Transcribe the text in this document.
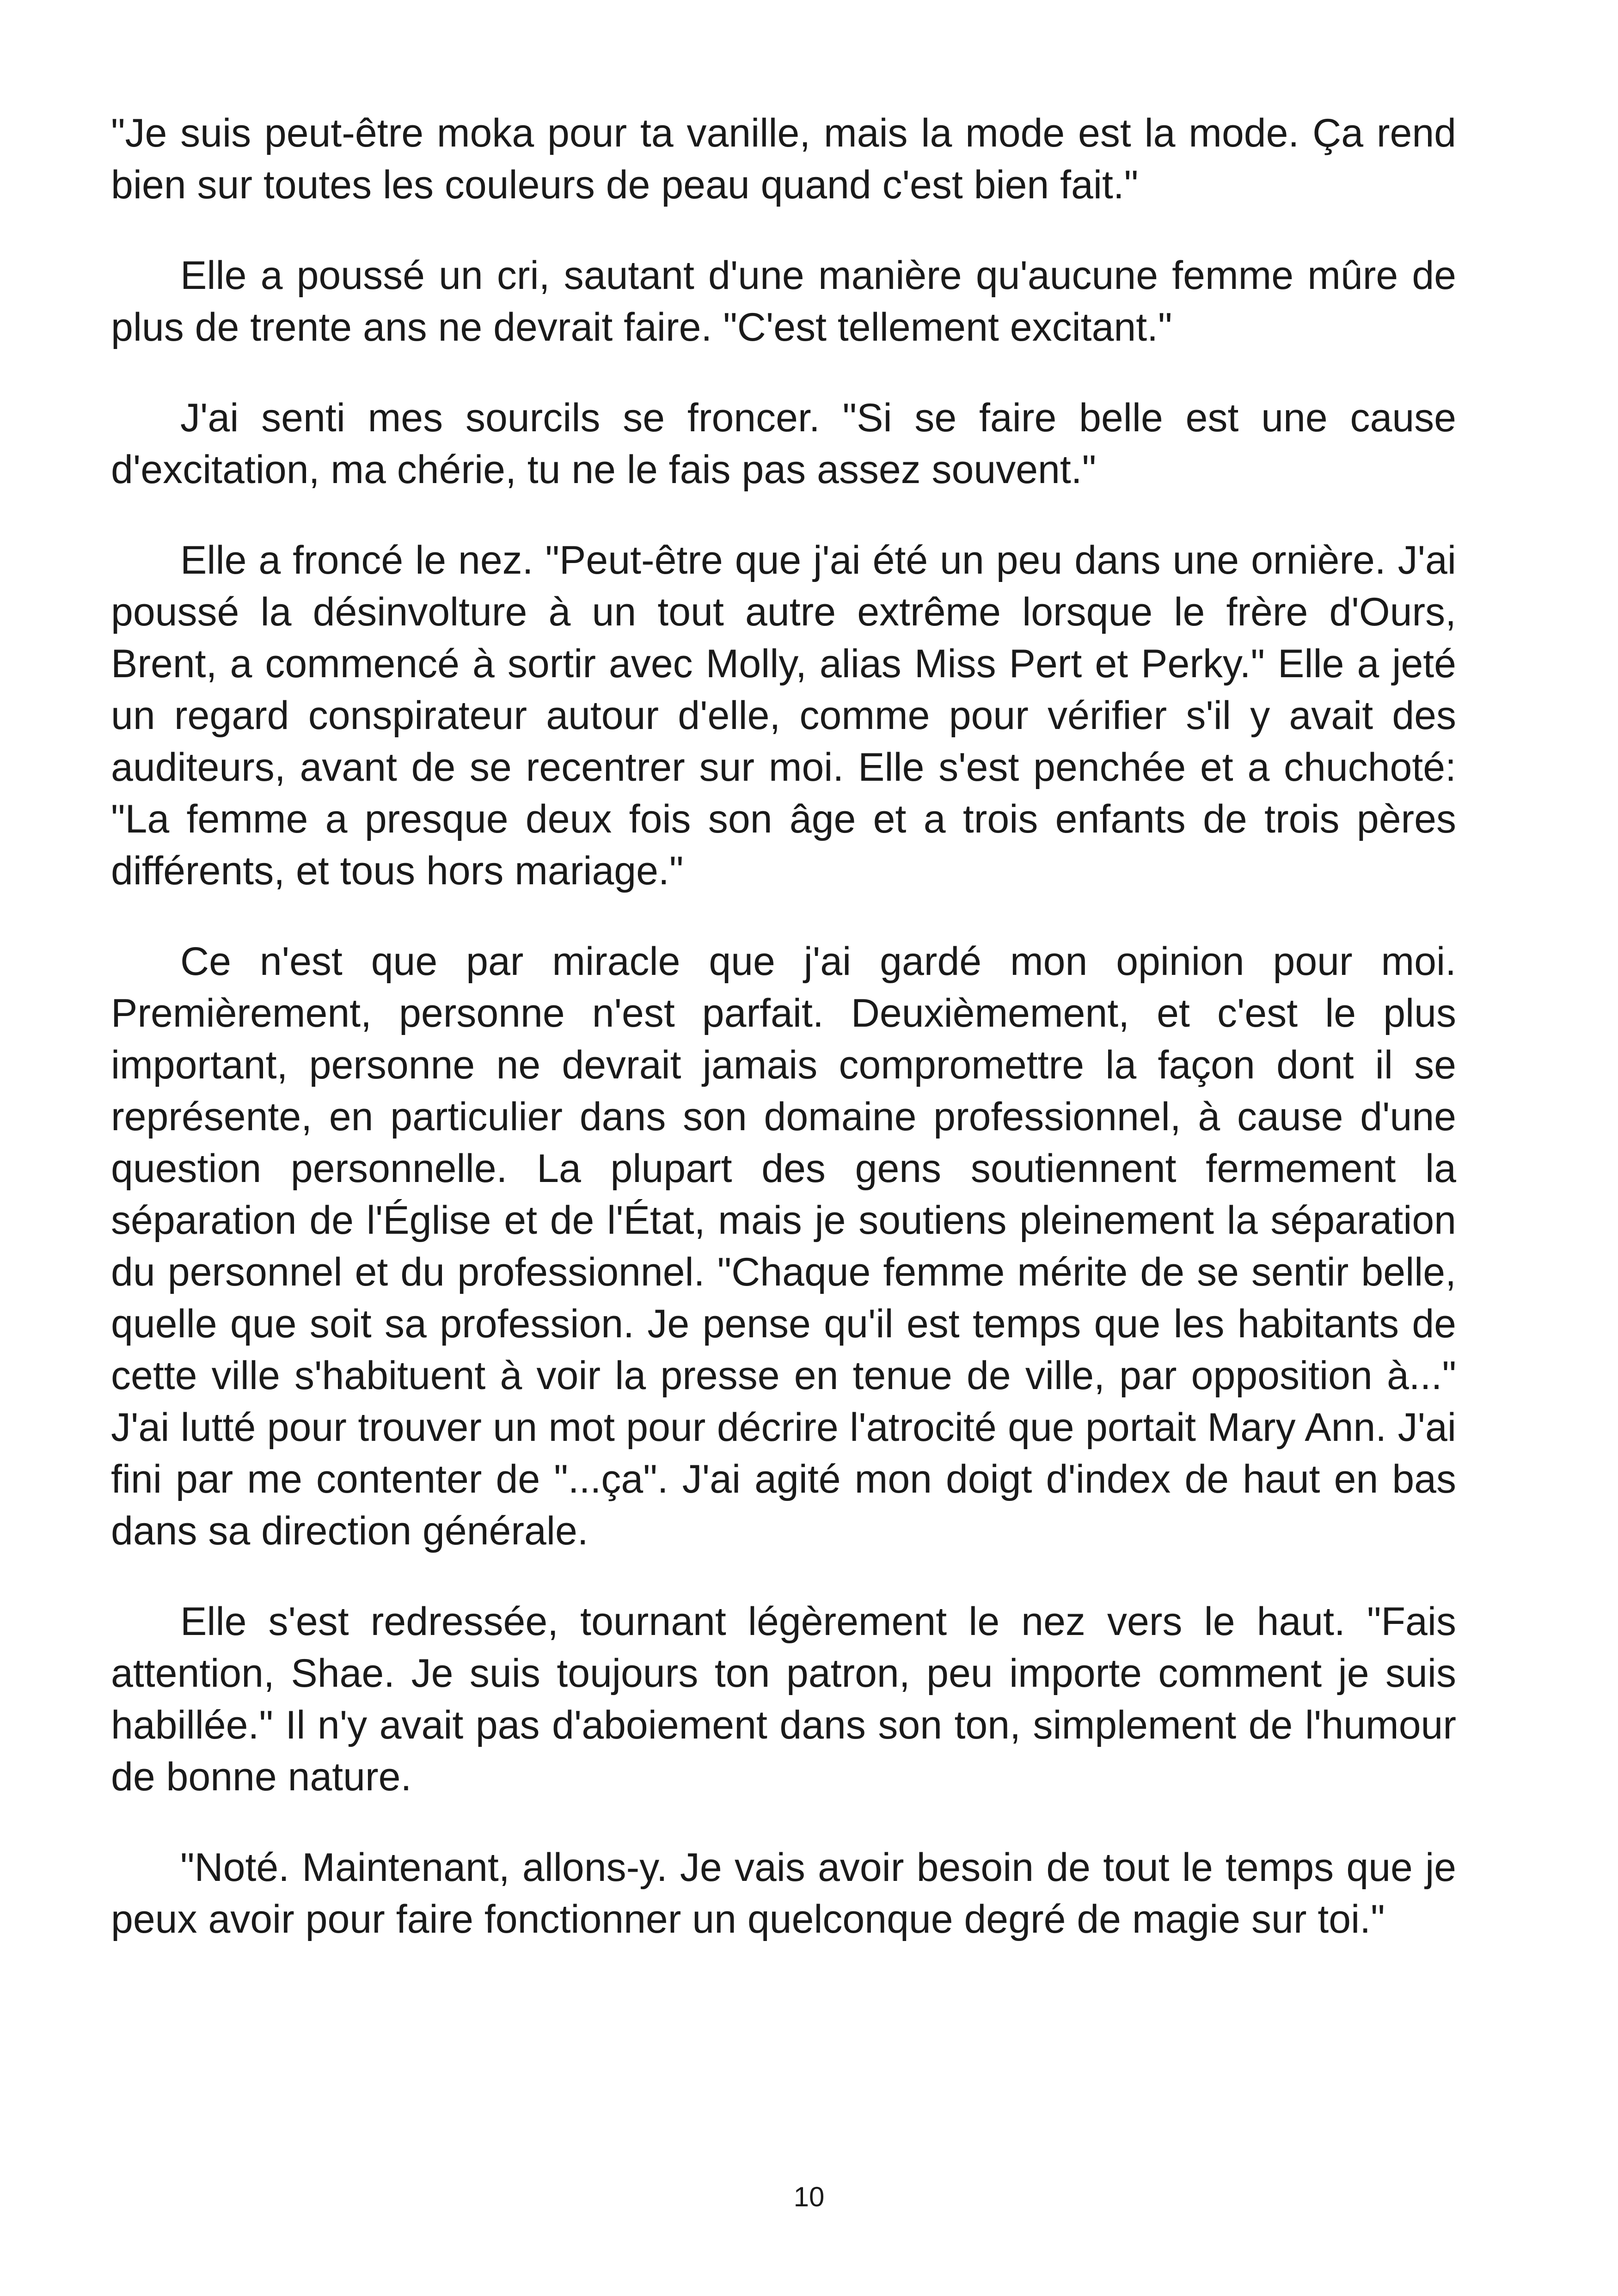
"Je suis peut-être moka pour ta vanille, mais la mode est la mode. Ça rend bien sur toutes les couleurs de peau quand c'est bien fait."

Elle a poussé un cri, sautant d'une manière qu'aucune femme mûre de plus de trente ans ne devrait faire. "C'est tellement excitant."

J'ai senti mes sourcils se froncer. "Si se faire belle est une cause d'excitation, ma chérie, tu ne le fais pas assez souvent."

Elle a froncé le nez. "Peut-être que j'ai été un peu dans une ornière. J'ai poussé la désinvolture à un tout autre extrême lorsque le frère d'Ours, Brent, a commencé à sortir avec Molly, alias Miss Pert et Perky." Elle a jeté un regard conspirateur autour d'elle, comme pour vérifier s'il y avait des auditeurs, avant de se recentrer sur moi. Elle s'est penchée et a chuchoté: "La femme a presque deux fois son âge et a trois enfants de trois pères différents, et tous hors mariage."

Ce n'est que par miracle que j'ai gardé mon opinion pour moi. Premièrement, personne n'est parfait. Deuxièmement, et c'est le plus important, personne ne devrait jamais compromettre la façon dont il se représente, en particulier dans son domaine professionnel, à cause d'une question personnelle. La plupart des gens soutiennent fermement la séparation de l'Église et de l'État, mais je soutiens pleinement la séparation du personnel et du professionnel. "Chaque femme mérite de se sentir belle, quelle que soit sa profession. Je pense qu'il est temps que les habitants de cette ville s'habituent à voir la presse en tenue de ville, par opposition à..." J'ai lutté pour trouver un mot pour décrire l'atrocité que portait Mary Ann. J'ai fini par me contenter de "...ça". J'ai agité mon doigt d'index de haut en bas dans sa direction générale.

Elle s'est redressée, tournant légèrement le nez vers le haut. "Fais attention, Shae. Je suis toujours ton patron, peu importe comment je suis habillée." Il n'y avait pas d'aboiement dans son ton, simplement de l'humour de bonne nature.

"Noté. Maintenant, allons-y. Je vais avoir besoin de tout le temps que je peux avoir pour faire fonctionner un quelconque degré de magie sur toi."

10
